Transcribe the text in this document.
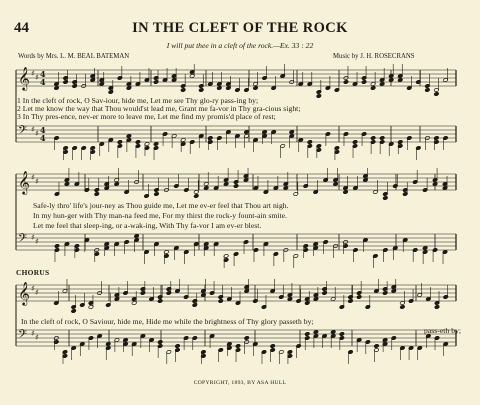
𝄞 ♯ ♯
𝄢 ♯ ♯
4
4
4
4
𝄞 ♯ ♯
𝄢 ♯ ♯
𝄞 ♯ ♯
𝄢 ♯ ♯
44	IN THE CLEFT OF THE ROCK
I will put thee in a cleft of the rock.—Ex. 33 : 22
Words by Mrs. L. M. BEAL BATEMAN	Music by J. H. ROSECRANS
1 In the cleft of rock, O Sav-iour, hide me, Let me see Thy glo-ry pass-ing by;
2 Let me know the way that Thou would'st lead me, Grant me fa-vor in Thy gra-cious sight;
3 In Thy pres-ence, nev-er more to leave me, Let me find my promis'd place of rest;
Safe-ly thro' life's jour-ney as Thou guide me, Let me ev-er feel that Thou art nigh.
In my hun-ger with Thy man-na feed me, For my thirst the rock-y fount-ain smite.
Let me feel that sleep-ing, or a-wak-ing, With Thy fa-vor I am ev-er blest.
CHORUS
In the cleft of rock, O Saviour, hide me, Hide me while the brightness of Thy glory passeth by;
pass-eth by;
COPYRIGHT, 1893, BY ASA HULL
